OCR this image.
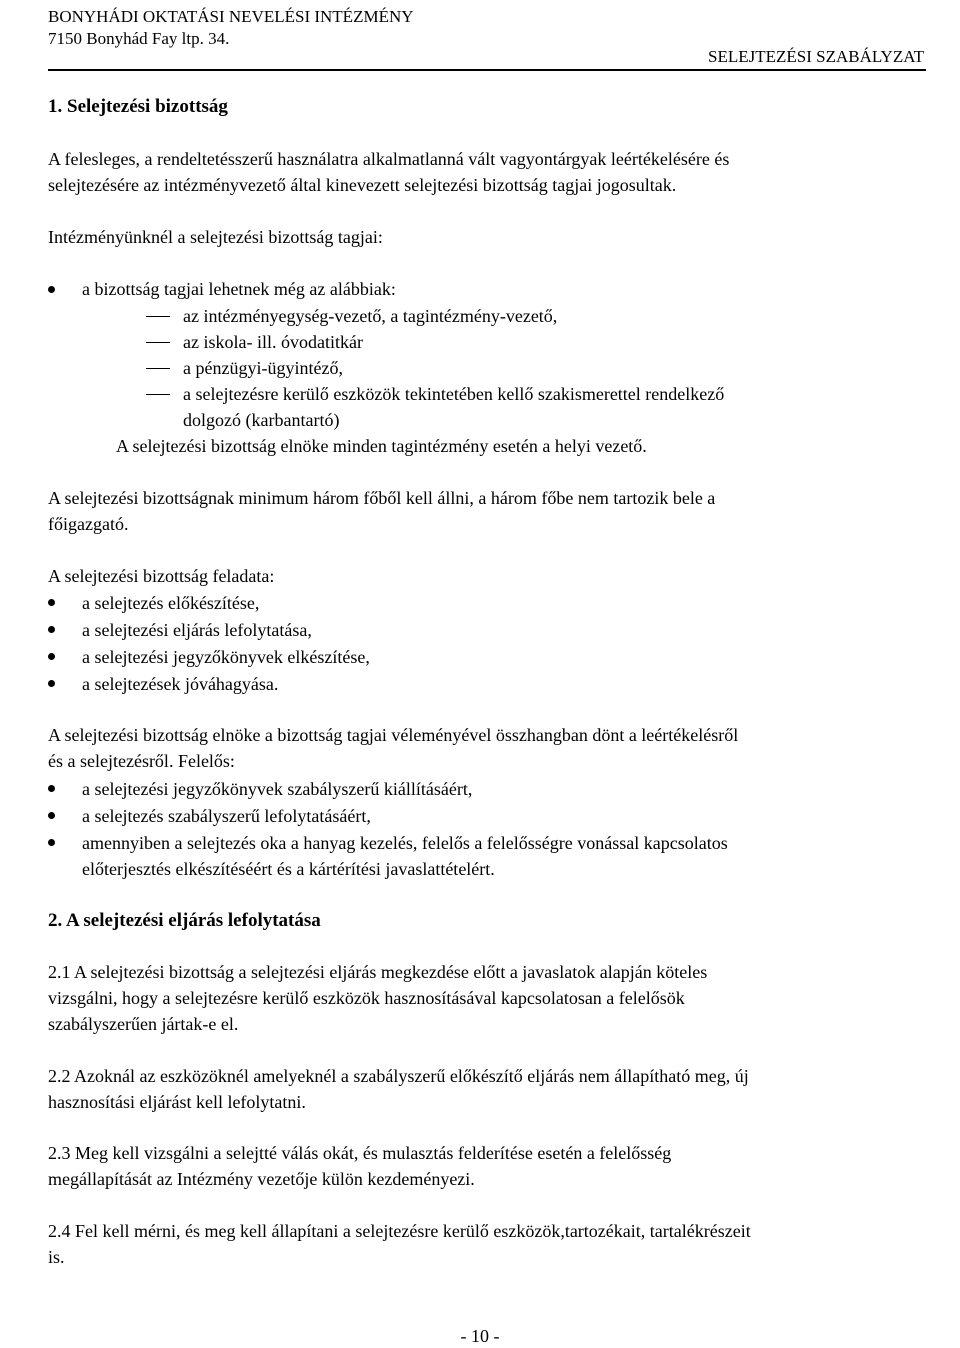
BONYHÁDI OKTATÁSI NEVELÉSI INTÉZMÉNY
7150 Bonyhád Fay ltp. 34.
SELEJTEZÉSI SZABÁLYZAT
1. Selejtezési bizottság
A felesleges, a rendeltetésszerű használatra alkalmatlanná vált vagyontárgyak leértékelésére és
selejtezésére az intézményvezető által kinevezett selejtezési bizottság tagjai jogosultak.
Intézményünknél a selejtezési bizottság tagjai:
a bizottság tagjai lehetnek még az alábbiak:
az intézményegység-vezető, a tagintézmény-vezető,
az iskola- ill. óvodatitkár
a pénzügyi-ügyintéző,
a selejtezésre kerülő eszközök tekintetében kellő szakismerettel rendelkező
dolgozó (karbantartó)
A selejtezési bizottság elnöke minden tagintézmény esetén a helyi vezető.
A selejtezési bizottságnak minimum három főből kell állni, a három főbe nem tartozik bele a
főigazgató.
A selejtezési bizottság feladata:
a selejtezés előkészítése,
a selejtezési eljárás lefolytatása,
a selejtezési jegyzőkönyvek elkészítése,
a selejtezések jóváhagyása.
A selejtezési bizottság elnöke a bizottság tagjai véleményével összhangban dönt a leértékelésről
és a selejtezésről. Felelős:
a selejtezési jegyzőkönyvek szabályszerű kiállításáért,
a selejtezés szabályszerű lefolytatásáért,
amennyiben a selejtezés oka a hanyag kezelés, felelős a felelősségre vonással kapcsolatos
előterjesztés elkészítéséért és a kártérítési javaslattételért.
2. A selejtezési eljárás lefolytatása
2.1 A selejtezési bizottság a selejtezési eljárás megkezdése előtt a javaslatok alapján köteles
vizsgálni, hogy a selejtezésre kerülő eszközök hasznosításával kapcsolatosan a felelősök
szabályszerűen jártak-e el.
2.2 Azoknál az eszközöknél amelyeknél a szabályszerű előkészítő eljárás nem állapítható meg, új
hasznosítási eljárást kell lefolytatni.
2.3 Meg kell vizsgálni a selejtté válás okát, és mulasztás felderítése esetén a felelősség
megállapítását az Intézmény vezetője külön kezdeményezi.
2.4 Fel kell mérni, és meg kell állapítani a selejtezésre kerülő eszközök,tartozékait, tartalékrészeit
is.
- 10 -
